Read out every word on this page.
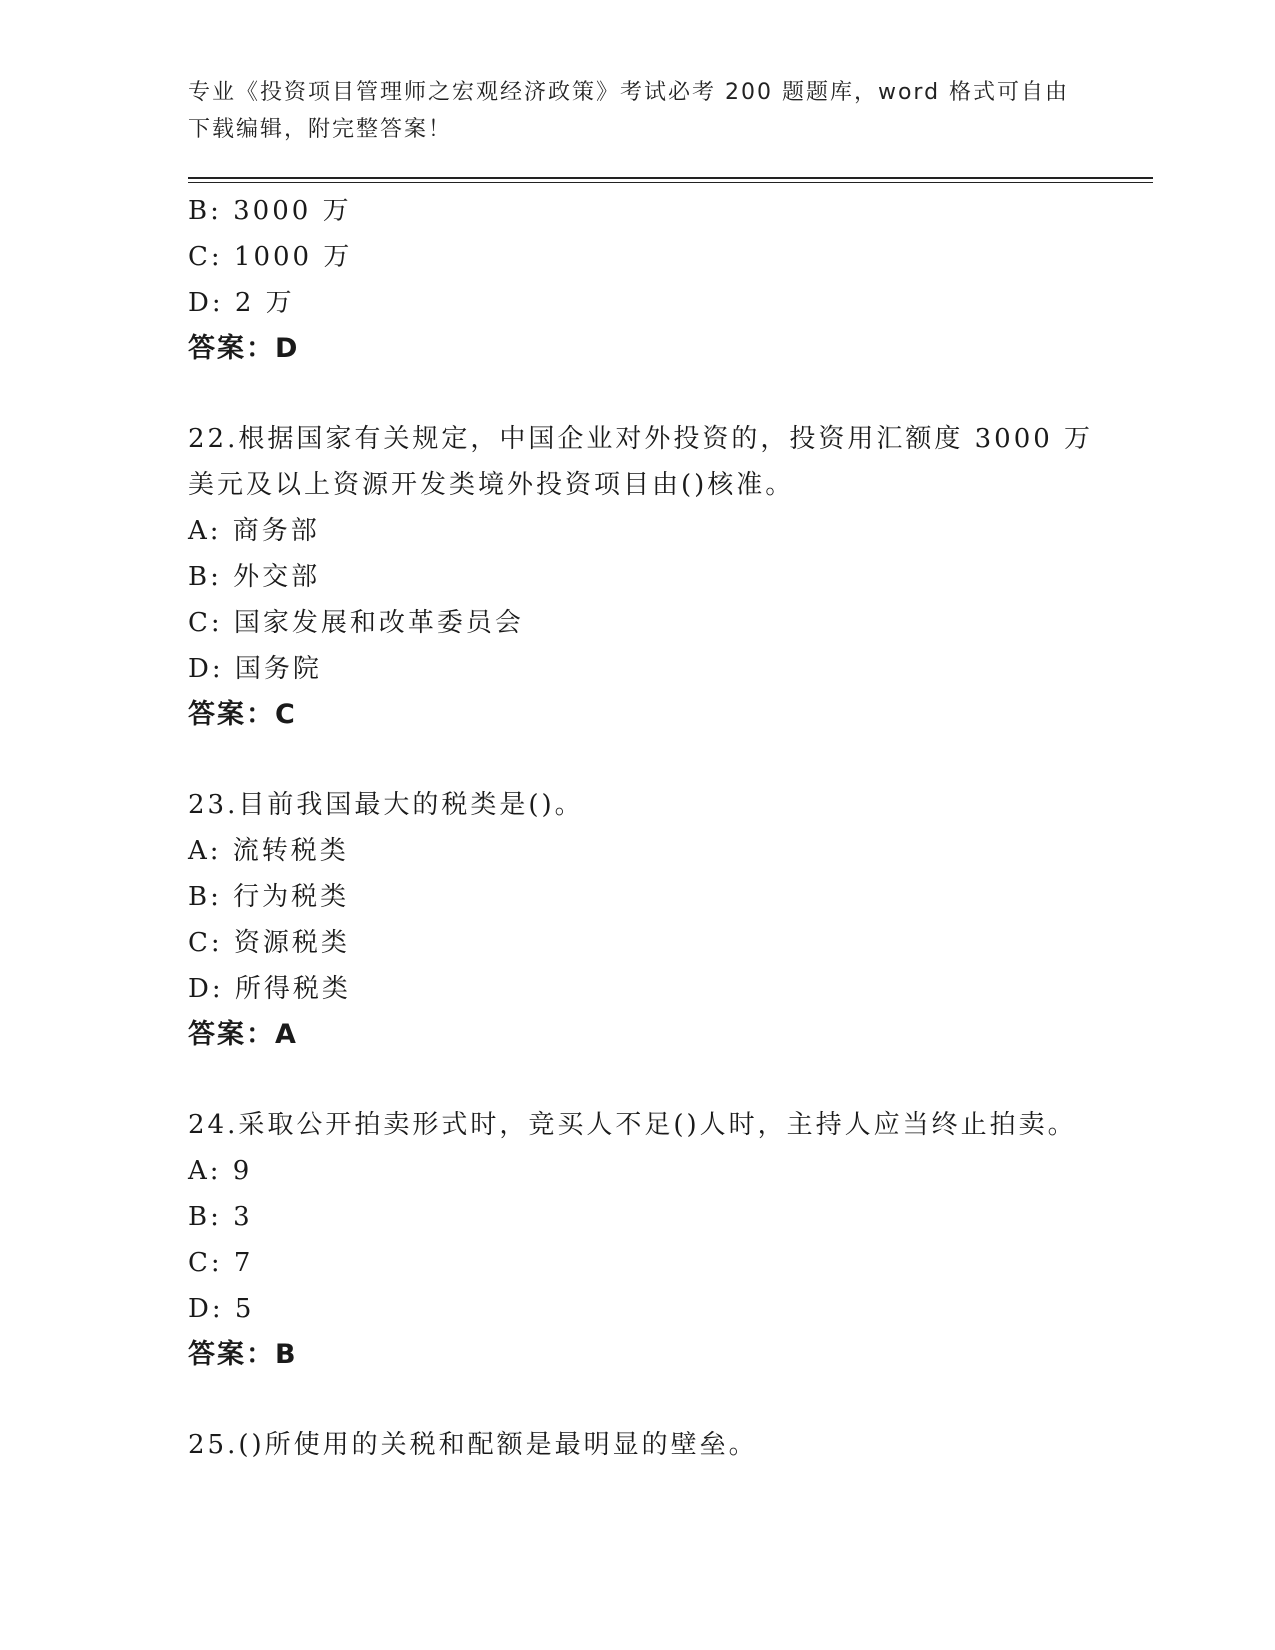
专业《投资项目管理师之宏观经济政策》考试必考 200 题题库，word 格式可自由
下载编辑，附完整答案！
B: 3000 万
C: 1000 万
D: 2 万
答案：D
22.根据国家有关规定，中国企业对外投资的，投资用汇额度 3000 万
美元及以上资源开发类境外投资项目由()核准。
A: 商务部
B: 外交部
C: 国家发展和改革委员会
D: 国务院
答案：C
23.目前我国最大的税类是()。
A: 流转税类
B: 行为税类
C: 资源税类
D: 所得税类
答案：A
24.采取公开拍卖形式时，竞买人不足()人时，主持人应当终止拍卖。
A: 9
B: 3
C: 7
D: 5
答案：B
25.()所使用的关税和配额是最明显的壁垒。
